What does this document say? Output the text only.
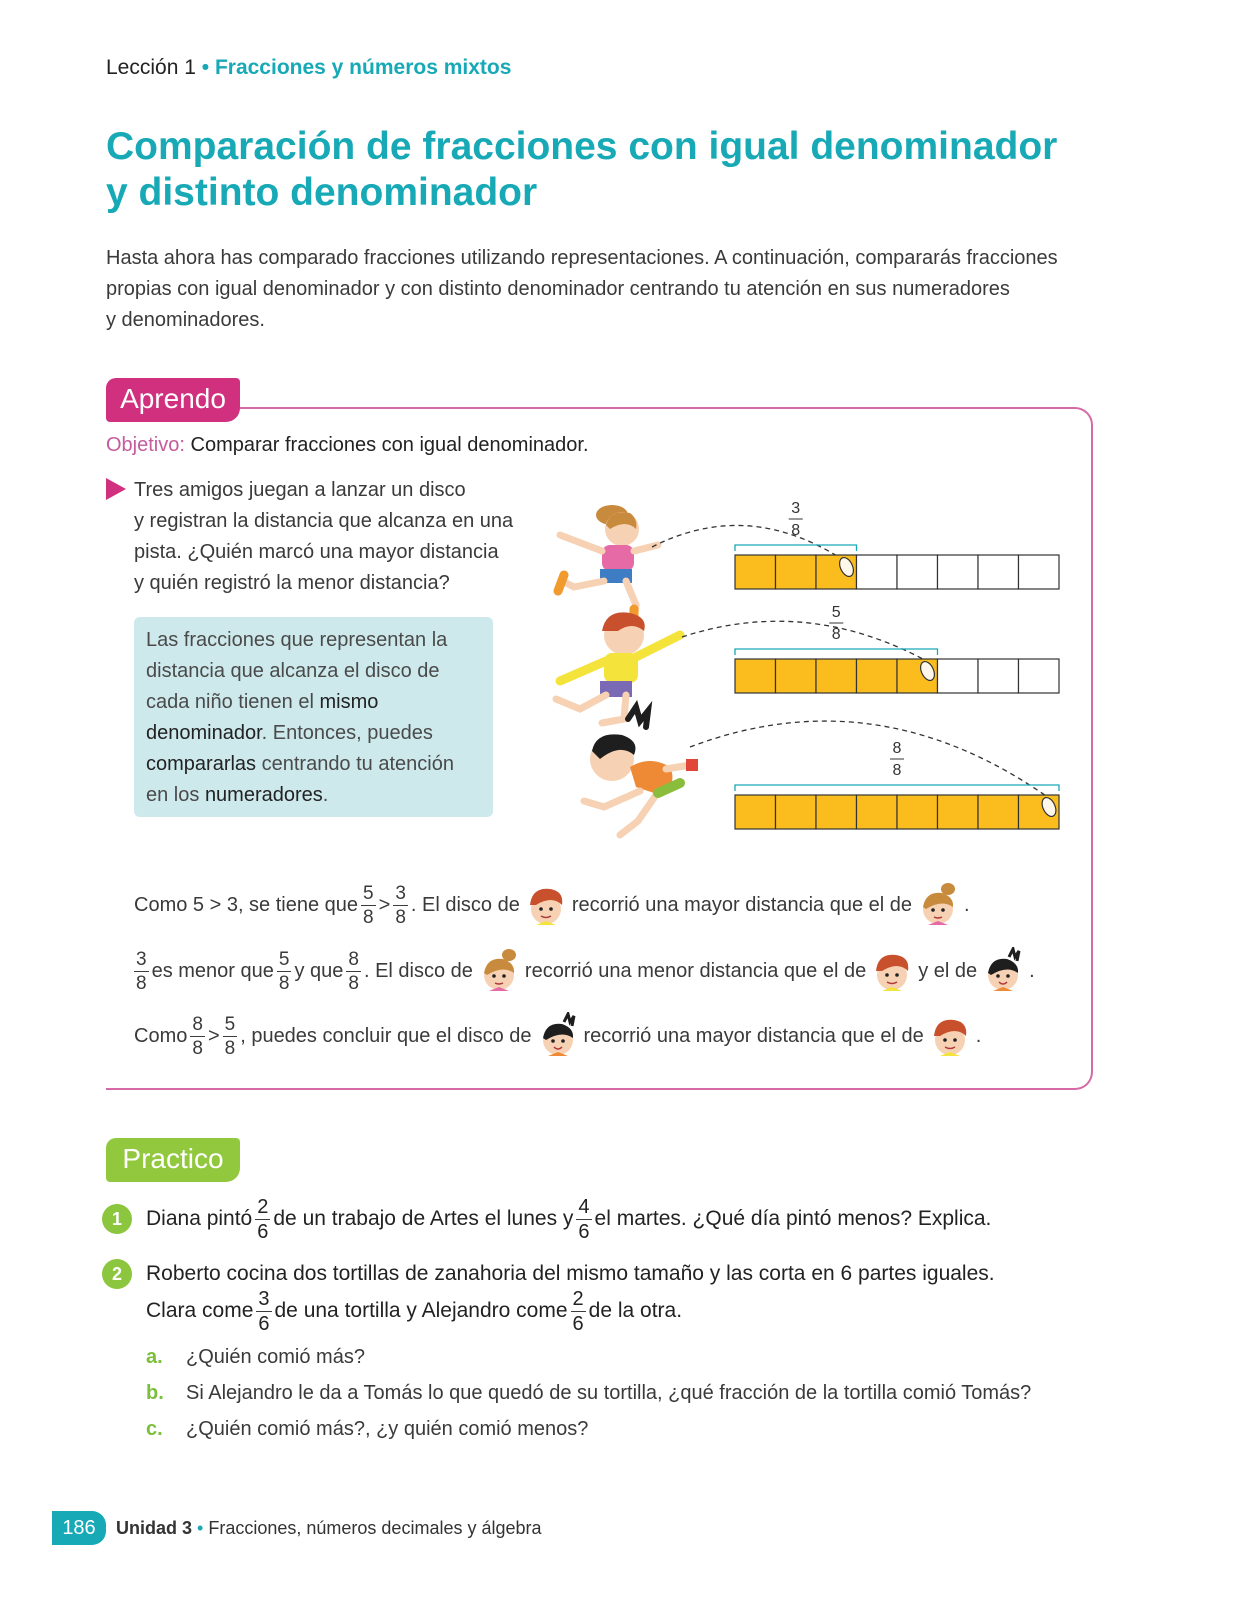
Lección 1 • Fracciones y números mixtos
Comparación de fracciones con igual denominador
y distinto denominador
Hasta ahora has comparado fracciones utilizando representaciones. A continuación, compararás fracciones
propias con igual denominador y con distinto denominador centrando tu atención en sus numeradores
y denominadores.
Aprendo
Objetivo: Comparar fracciones con igual denominador.
Tres amigos juegan a lanzar un disco
y registran la distancia que alcanza en una
pista. ¿Quién marcó una mayor distancia
y quién registró la menor distancia?
Las fracciones que representan la
distancia que alcanza el disco de
cada niño tienen el mismo
denominador. Entonces, puedes
compararlas centrando tu atención
en los numeradores.
3
8
5
8
8
8
Como 5 > 3, se tiene que $\frac{5}{8} > \frac{3}{8}$ . El disco de	recorrió una mayor distancia que el de	.
$\frac{3}{8}$ es menor que $\frac{5}{8}$ y que $\frac{8}{8}$ . El disco de	recorrió una menor distancia que el de	y el de	.
Como $\frac{8}{8} > \frac{5}{8}$ , puedes concluir que el disco de	recorrió una mayor distancia que el de	.
Practico
1	Diana pintó $\frac{2}{6}$ de un trabajo de Artes el lunes y $\frac{4}{6}$ el martes. ¿Qué día pintó menos? Explica.
2	Roberto cocina dos tortillas de zanahoria del mismo tamaño y las corta en 6 partes iguales.
Clara come $\frac{3}{6}$ de una tortilla y Alejandro come $\frac{2}{6}$ de la otra.
a. ¿Quién comió más?
b. Si Alejandro le da a Tomás lo que quedó de su tortilla, ¿qué fracción de la tortilla comió Tomás?
c. ¿Quién comió más?, ¿y quién comió menos?
186	Unidad 3 • Fracciones, números decimales y álgebra
